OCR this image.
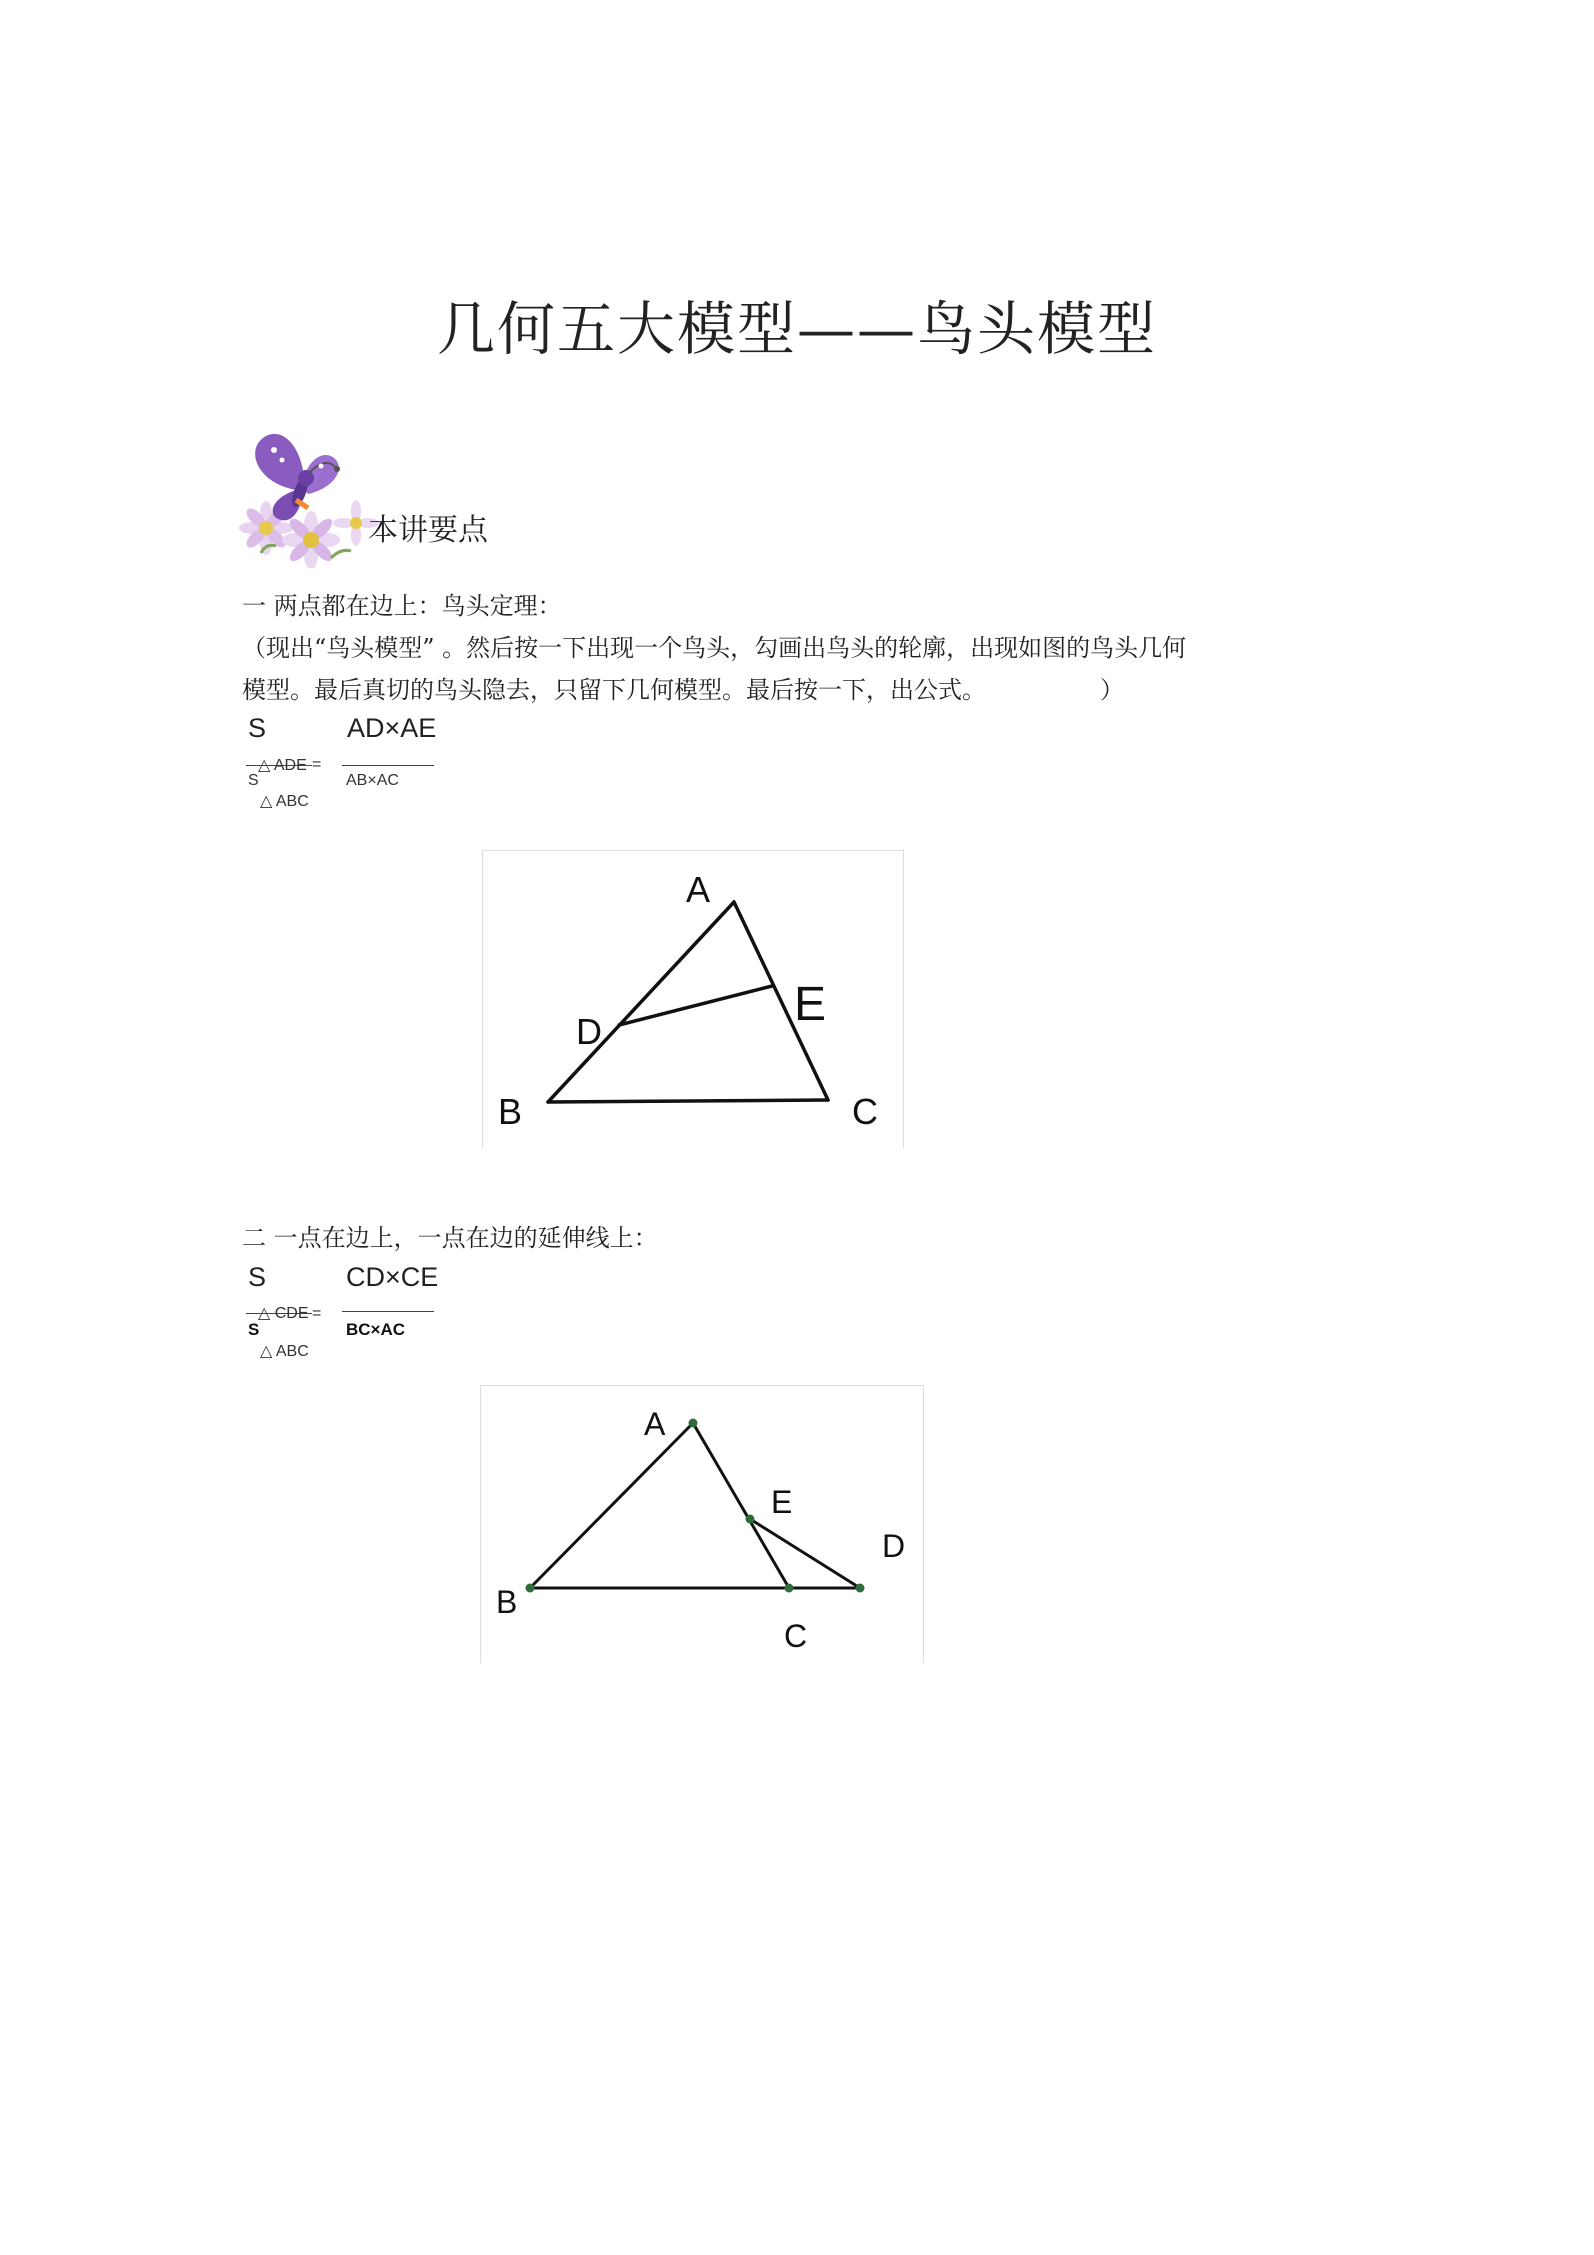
几何五大模型——鸟头模型
本讲要点
一 两点都在边上：鸟头定理：
（现出“鸟头模型” 。然后按一下出现一个鸟头，勾画出鸟头的轮廓，出现如图的鸟头几何
模型。最后真切的鸟头隐去，只留下几何模型。最后按一下，出公式。	）
S	AD×AE
△ ADE =
S	AB×AC
△ ABC
A
B	C
D
E
二 一点在边上，一点在边的延伸线上：
S	CD×CE
△ CDE =
S	BC×AC
△ ABC
A
B
C
D
E
